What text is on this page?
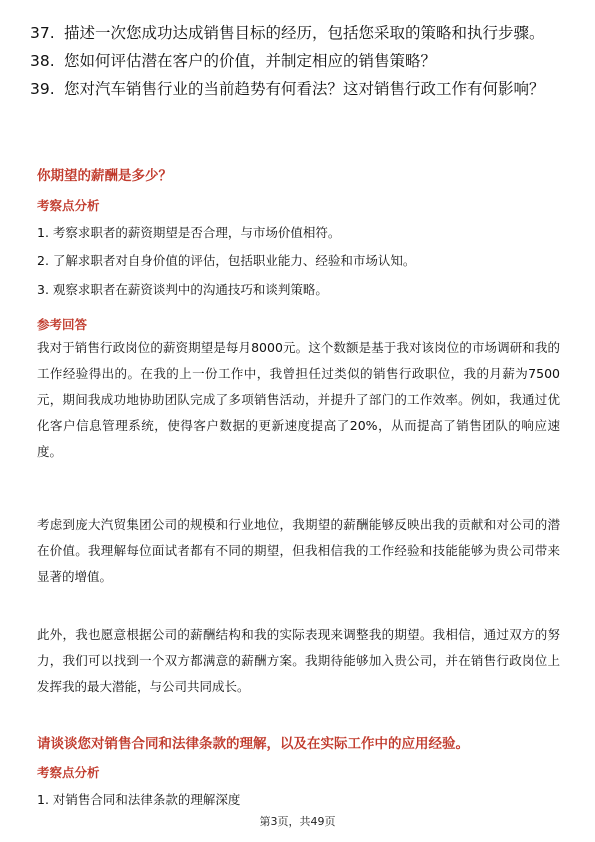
37. 描述一次您成功达成销售目标的经历，包括您采取的策略和执行步骤。
38. 您如何评估潜在客户的价值，并制定相应的销售策略？
39. 您对汽车销售行业的当前趋势有何看法？这对销售行政工作有何影响？
你期望的薪酬是多少？
考察点分析
1. 考察求职者的薪资期望是否合理，与市场价值相符。
2. 了解求职者对自身价值的评估，包括职业能力、经验和市场认知。
3. 观察求职者在薪资谈判中的沟通技巧和谈判策略。
参考回答
我对于销售行政岗位的薪资期望是每月8000元。这个数额是基于我对该岗位的市场调研和我的工作经验得出的。在我的上一份工作中，我曾担任过类似的销售行政职位，我的月薪为7500元，期间我成功地协助团队完成了多项销售活动，并提升了部门的工作效率。例如，我通过优化客户信息管理系统，使得客户数据的更新速度提高了20%，从而提高了销售团队的响应速度。
考虑到庞大汽贸集团公司的规模和行业地位，我期望的薪酬能够反映出我的贡献和对公司的潜在价值。我理解每位面试者都有不同的期望，但我相信我的工作经验和技能能够为贵公司带来显著的增值。
此外，我也愿意根据公司的薪酬结构和我的实际表现来调整我的期望。我相信，通过双方的努力，我们可以找到一个双方都满意的薪酬方案。我期待能够加入贵公司，并在销售行政岗位上发挥我的最大潜能，与公司共同成长。
请谈谈您对销售合同和法律条款的理解，以及在实际工作中的应用经验。
考察点分析
1. 对销售合同和法律条款的理解深度
第3页，共49页
